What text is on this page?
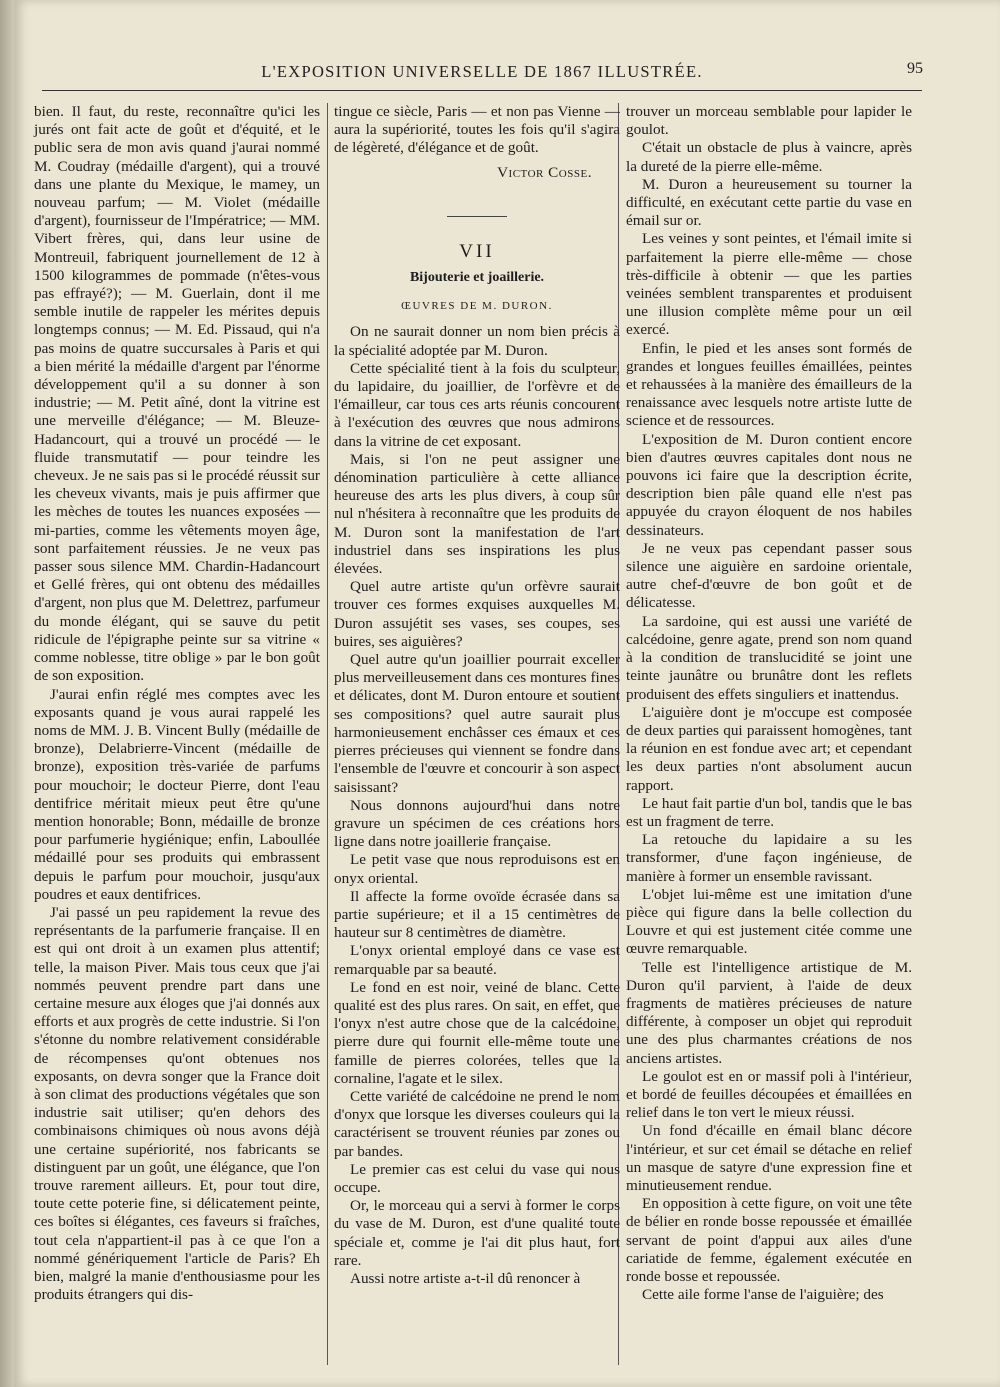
L'EXPOSITION UNIVERSELLE DE 1867 ILLUSTRÉE.	95

bien. Il faut, du reste, reconnaître qu'ici les jurés ont fait acte de goût et d'équité, et le public sera de mon avis quand j'aurai nommé M. Coudray (médaille d'argent), qui a trouvé dans une plante du Mexique, le mamey, un nouveau parfum; — M. Violet (médaille d'argent), fournisseur de l'Impératrice; — MM. Vibert frères, qui, dans leur usine de Montreuil, fabriquent journellement de 12 à 1500 kilogrammes de pommade (n'êtes-vous pas effrayé?); — M. Guerlain, dont il me semble inutile de rappeler les mérites depuis longtemps connus; — M. Ed. Pissaud, qui n'a pas moins de quatre succursales à Paris et qui a bien mérité la médaille d'argent par l'énorme développement qu'il a su donner à son industrie; — M. Petit aîné, dont la vitrine est une merveille d'élégance; — M. Bleuze-Hadancourt, qui a trouvé un procédé — le fluide transmutatif — pour teindre les cheveux. Je ne sais pas si le procédé réussit sur les cheveux vivants, mais je puis affirmer que les mèches de toutes les nuances exposées — mi-parties, comme les vêtements moyen âge, sont parfaitement réussies. Je ne veux pas passer sous silence MM. Chardin-Hadancourt et Gellé frères, qui ont obtenu des médailles d'argent, non plus que M. Delettrez, parfumeur du monde élégant, qui se sauve du petit ridicule de l'épigraphe peinte sur sa vitrine « comme noblesse, titre oblige » par le bon goût de son exposition.

J'aurai enfin réglé mes comptes avec les exposants quand je vous aurai rappelé les noms de MM. J. B. Vincent Bully (médaille de bronze), Delabrierre-Vincent (médaille de bronze), exposition très-variée de parfums pour mouchoir; le docteur Pierre, dont l'eau dentifrice méritait mieux peut être qu'une mention honorable; Bonn, médaille de bronze pour parfumerie hygiénique; enfin, Laboullée médaillé pour ses produits qui embrassent depuis le parfum pour mouchoir, jusqu'aux poudres et eaux dentifrices.

J'ai passé un peu rapidement la revue des représentants de la parfumerie française. Il en est qui ont droit à un examen plus attentif; telle, la maison Piver. Mais tous ceux que j'ai nommés peuvent prendre part dans une certaine mesure aux éloges que j'ai donnés aux efforts et aux progrès de cette industrie. Si l'on s'étonne du nombre relativement considérable de récompenses qu'ont obtenues nos exposants, on devra songer que la France doit à son climat des productions végétales que son industrie sait utiliser; qu'en dehors des combinaisons chimiques où nous avons déjà une certaine supériorité, nos fabricants se distinguent par un goût, une élégance, que l'on trouve rarement ailleurs. Et, pour tout dire, toute cette poterie fine, si délicatement peinte, ces boîtes si élégantes, ces faveurs si fraîches, tout cela n'appartient-il pas à ce que l'on a nommé génériquement l'article de Paris? Eh bien, malgré la manie d'enthousiasme pour les produits étrangers qui dis-

tingue ce siècle, Paris — et non pas Vienne — aura la supériorité, toutes les fois qu'il s'agira de légèreté, d'élégance et de goût.

Victor Cosse.

VII

Bijouterie et joaillerie.

ŒUVRES DE M. DURON.

On ne saurait donner un nom bien précis à la spécialité adoptée par M. Duron.

Cette spécialité tient à la fois du sculpteur, du lapidaire, du joaillier, de l'orfèvre et de l'émailleur, car tous ces arts réunis concourent à l'exécution des œuvres que nous admirons dans la vitrine de cet exposant.

Mais, si l'on ne peut assigner une dénomination particulière à cette alliance heureuse des arts les plus divers, à coup sûr nul n'hésitera à reconnaître que les produits de M. Duron sont la manifestation de l'art industriel dans ses inspirations les plus élevées.

Quel autre artiste qu'un orfèvre saurait trouver ces formes exquises auxquelles M. Duron assujétit ses vases, ses coupes, ses buires, ses aiguières?

Quel autre qu'un joaillier pourrait exceller plus merveilleusement dans ces montures fines et délicates, dont M. Duron entoure et soutient ses compositions? quel autre saurait plus harmonieusement enchâsser ces émaux et ces pierres précieuses qui viennent se fondre dans l'ensemble de l'œuvre et concourir à son aspect saisissant?

Nous donnons aujourd'hui dans notre gravure un spécimen de ces créations hors ligne dans notre joaillerie française.

Le petit vase que nous reproduisons est en onyx oriental.

Il affecte la forme ovoïde écrasée dans sa partie supérieure; et il a 15 centimètres de hauteur sur 8 centimètres de diamètre.

L'onyx oriental employé dans ce vase est remarquable par sa beauté.

Le fond en est noir, veiné de blanc. Cette qualité est des plus rares. On sait, en effet, que l'onyx n'est autre chose que de la calcédoine, pierre dure qui fournit elle-même toute une famille de pierres colorées, telles que la cornaline, l'agate et le silex.

Cette variété de calcédoine ne prend le nom d'onyx que lorsque les diverses couleurs qui la caractérisent se trouvent réunies par zones ou par bandes.

Le premier cas est celui du vase qui nous occupe.

Or, le morceau qui a servi à former le corps du vase de M. Duron, est d'une qualité toute spéciale et, comme je l'ai dit plus haut, fort rare.

Aussi notre artiste a-t-il dû renoncer à

trouver un morceau semblable pour lapider le goulot.

C'était un obstacle de plus à vaincre, après la dureté de la pierre elle-même.

M. Duron a heureusement su tourner la difficulté, en exécutant cette partie du vase en émail sur or.

Les veines y sont peintes, et l'émail imite si parfaitement la pierre elle-même — chose très-difficile à obtenir — que les parties veinées semblent transparentes et produisent une illusion complète même pour un œil exercé.

Enfin, le pied et les anses sont formés de grandes et longues feuilles émaillées, peintes et rehaussées à la manière des émailleurs de la renaissance avec lesquels notre artiste lutte de science et de ressources.

L'exposition de M. Duron contient encore bien d'autres œuvres capitales dont nous ne pouvons ici faire que la description écrite, description bien pâle quand elle n'est pas appuyée du crayon éloquent de nos habiles dessinateurs.

Je ne veux pas cependant passer sous silence une aiguière en sardoine orientale, autre chef-d'œuvre de bon goût et de délicatesse.

La sardoine, qui est aussi une variété de calcédoine, genre agate, prend son nom quand à la condition de translucidité se joint une teinte jaunâtre ou brunâtre dont les reflets produisent des effets singuliers et inattendus.

L'aiguière dont je m'occupe est composée de deux parties qui paraissent homogènes, tant la réunion en est fondue avec art; et cependant les deux parties n'ont absolument aucun rapport.

Le haut fait partie d'un bol, tandis que le bas est un fragment de terre.

La retouche du lapidaire a su les transformer, d'une façon ingénieuse, de manière à former un ensemble ravissant.

L'objet lui-même est une imitation d'une pièce qui figure dans la belle collection du Louvre et qui est justement citée comme une œuvre remarquable.

Telle est l'intelligence artistique de M. Duron qu'il parvient, à l'aide de deux fragments de matières précieuses de nature différente, à composer un objet qui reproduit une des plus charmantes créations de nos anciens artistes.

Le goulot est en or massif poli à l'intérieur, et bordé de feuilles découpées et émaillées en relief dans le ton vert le mieux réussi.

Un fond d'écaille en émail blanc décore l'intérieur, et sur cet émail se détache en relief un masque de satyre d'une expression fine et minutieusement rendue.

En opposition à cette figure, on voit une tête de bélier en ronde bosse repoussée et émaillée servant de point d'appui aux ailes d'une cariatide de femme, également exécutée en ronde bosse et repoussée.

Cette aile forme l'anse de l'aiguière; des
